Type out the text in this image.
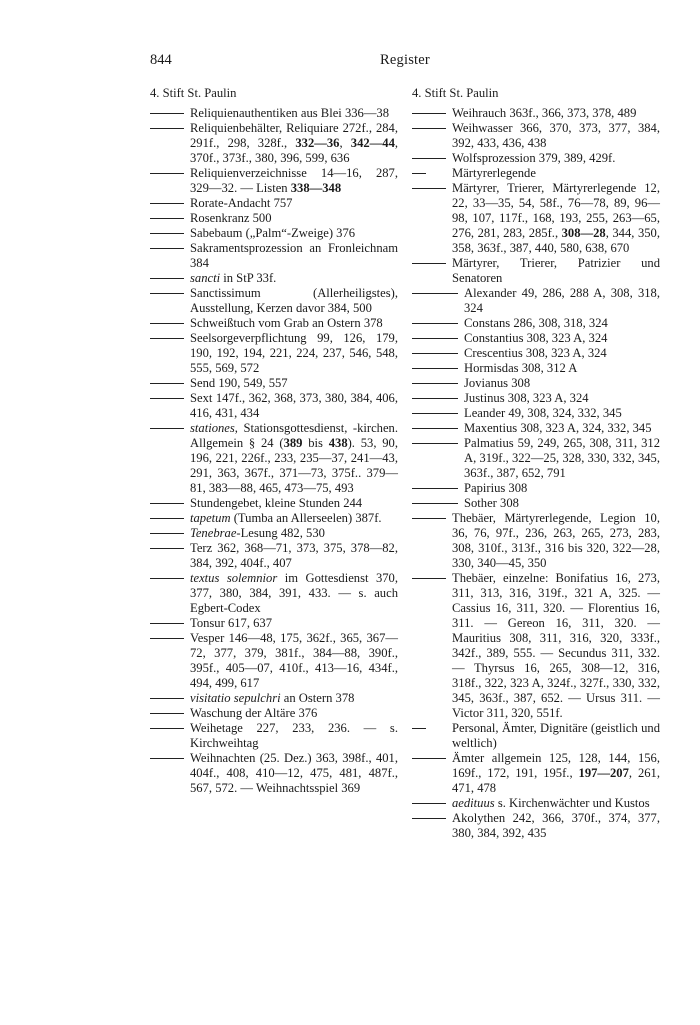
844	Register
4. Stift St. Paulin
Reliquienauthentiken aus Blei 336—38
Reliquienbehälter, Reliquiare 272f., 284, 291f., 298, 328f., 332—36, 342—44, 370f., 373f., 380, 396, 599, 636
Reliquienverzeichnisse 14—16, 287, 329—32. — Listen 338—348
Rorate-Andacht 757
Rosenkranz 500
Sabebaum („Palm“-Zweige) 376
Sakramentsprozession an Fronleichnam 384
sancti in StP 33f.
Sanctissimum (Allerheiligstes), Ausstellung, Kerzen davor 384, 500
Schweißtuch vom Grab an Ostern 378
Seelsorgeverpflichtung 99, 126, 179, 190, 192, 194, 221, 224, 237, 546, 548, 555, 569, 572
Send 190, 549, 557
Sext 147f., 362, 368, 373, 380, 384, 406, 416, 431, 434
stationes, Stationsgottesdienst, -kirchen. Allgemein § 24 (389 bis 438). 53, 90, 196, 221, 226f., 233, 235—37, 241—43, 291, 363, 367f., 371—73, 375f.. 379—81, 383—88, 465, 473—75, 493
Stundengebet, kleine Stunden 244
tapetum (Tumba an Allerseelen) 387f.
Tenebrae-Lesung 482, 530
Terz 362, 368—71, 373, 375, 378—82, 384, 392, 404f., 407
textus solemnior im Gottesdienst 370, 377, 380, 384, 391, 433. — s. auch Egbert-Codex
Tonsur 617, 637
Vesper 146—48, 175, 362f., 365, 367—72, 377, 379, 381f., 384—88, 390f., 395f., 405—07, 410f., 413—16, 434f., 494, 499, 617
visitatio sepulchri an Ostern 378
Waschung der Altäre 376
Weihetage 227, 233, 236. — s. Kirchweihtag
Weihnachten (25. Dez.) 363, 398f., 401, 404f., 408, 410—12, 475, 481, 487f., 567, 572. — Weihnachtsspiel 369
4. Stift St. Paulin
Weihrauch 363f., 366, 373, 378, 489
Weihwasser 366, 370, 373, 377, 384, 392, 433, 436, 438
Wolfsprozession 379, 389, 429f.
Märtyrerlegende
Märtyrer, Trierer, Märtyrerlegende 12, 22, 33—35, 54, 58f., 76—78, 89, 96—98, 107, 117f., 168, 193, 255, 263—65, 276, 281, 283, 285f., 308—28, 344, 350, 358, 363f., 387, 440, 580, 638, 670
Märtyrer, Trierer, Patrizier und Senatoren
Alexander 49, 286, 288 A, 308, 318, 324
Constans 286, 308, 318, 324
Constantius 308, 323 A, 324
Crescentius 308, 323 A, 324
Hormisdas 308, 312 A
Jovianus 308
Justinus 308, 323 A, 324
Leander 49, 308, 324, 332, 345
Maxentius 308, 323 A, 324, 332, 345
Palmatius 59, 249, 265, 308, 311, 312 A, 319f., 322—25, 328, 330, 332, 345, 363f., 387, 652, 791
Papirius 308
Sother 308
Thebäer, Märtyrerlegende, Legion 10, 36, 76, 97f., 236, 263, 265, 273, 283, 308, 310f., 313f., 316 bis 320, 322—28, 330, 340—45, 350
Thebäer, einzelne: Bonifatius 16, 273, 311, 313, 316, 319f., 321 A, 325. — Cassius 16, 311, 320. — Florentius 16, 311. — Gereon 16, 311, 320. — Mauritius 308, 311, 316, 320, 333f., 342f., 389, 555. — Secundus 311, 332. — Thyrsus 16, 265, 308—12, 316, 318f., 322, 323 A, 324f., 327f., 330, 332, 345, 363f., 387, 652. — Ursus 311. — Victor 311, 320, 551f.
Personal, Ämter, Dignitäre (geistlich und weltlich)
Ämter allgemein 125, 128, 144, 156, 169f., 172, 191, 195f., 197—207, 261, 471, 478
aedituus s. Kirchenwächter und Kustos
Akolythen 242, 366, 370f., 374, 377, 380, 384, 392, 435
